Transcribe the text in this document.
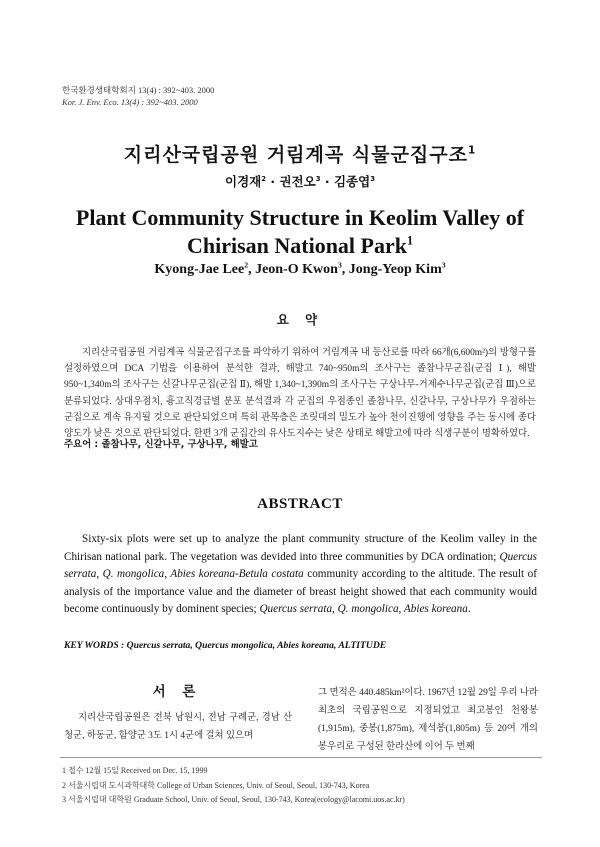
한국환경생태학회지 13(4) : 392~403. 2000
Kor. J. Env. Eco. 13(4) : 392~403. 2000
지리산국립공원 거림계곡 식물군집구조$^1$
이경재$^2$ · 권전오$^3$ · 김종엽$^3$
Plant Community Structure in Keolim Valley of
Chirisan National Park$^1$
Kyong-Jae Lee$^2$, Jeon-O Kwon$^3$, Jong-Yeop Kim$^3$
요 약
지리산국립공원 거림계곡 식물군집구조를 파악하기 위하여 거림계곡 내 등산로를 따라 66개(6,600m²)의 방형구를 설정하였으며 DCA 기법을 이용하여 분석한 결과, 해발고 740~950m의 조사구는 졸참나무군집(군집 Ⅰ), 해발 950~1,340m의 조사구는 신갈나무군집(군집 Ⅱ), 해발 1,340~1,390m의 조사구는 구상나무-거제수나무군집(군집 Ⅲ)으로 분류되었다. 상대우점치, 흉고직경급별 분포 분석결과 각 군집의 우점종인 졸참나무, 신갈나무, 구상나무가 우점하는 군집으로 계속 유지될 것으로 판단되었으며 특히 관목층은 조릿대의 밀도가 높아 천이진행에 영향을 주는 동시에 종다양도가 낮은 것으로 판단되었다. 한편 3개 군집간의 유사도지수는 낮은 상태로 해발고에 따라 식생구분이 명확하였다.
주요어 : 졸참나무, 신갈나무, 구상나무, 해발고
ABSTRACT
Sixty-six plots were set up to analyze the plant community structure of the Keolim valley in the Chirisan national park. The vegetation was devided into three communities by DCA ordination; Quercus serrata, Q. mongolica, Abies koreana-Betula costata community according to the altitude. The result of analysis of the importance value and the diameter of breast height showed that each community would become continuously by dominent species; Quercus serrata, Q. mongolica, Abies koreana.
KEY WORDS : Quercus serrata, Quercus mongolica, Abies koreana, ALTITUDE
서 론
지리산국립공원은 전북 남원시, 전남 구례군, 경남 산청군, 하동군, 함양군 3도 1시 4군에 걸쳐 있으며
그 면적은 440.485km²이다. 1967년 12월 29일 우리 나라 최초의 국립공원으로 지정되었고 최고봉인 천왕봉(1,915m), 중봉(1,875m), 제석봉(1,805m) 등 20여 개의 봉우리로 구성된 한라산에 이어 두 번째
1 접수 12월 15일 Received on Dec. 15, 1999
2 서울시립대 도시과학대학 College of Urban Sciences, Univ. of Seoul, Seoul, 130-743, Korea
3 서울시립대 대학원 Graduate School, Univ. of Seoul, Seoul, 130-743, Korea(ecology@lacomi.uos.ac.kr)
